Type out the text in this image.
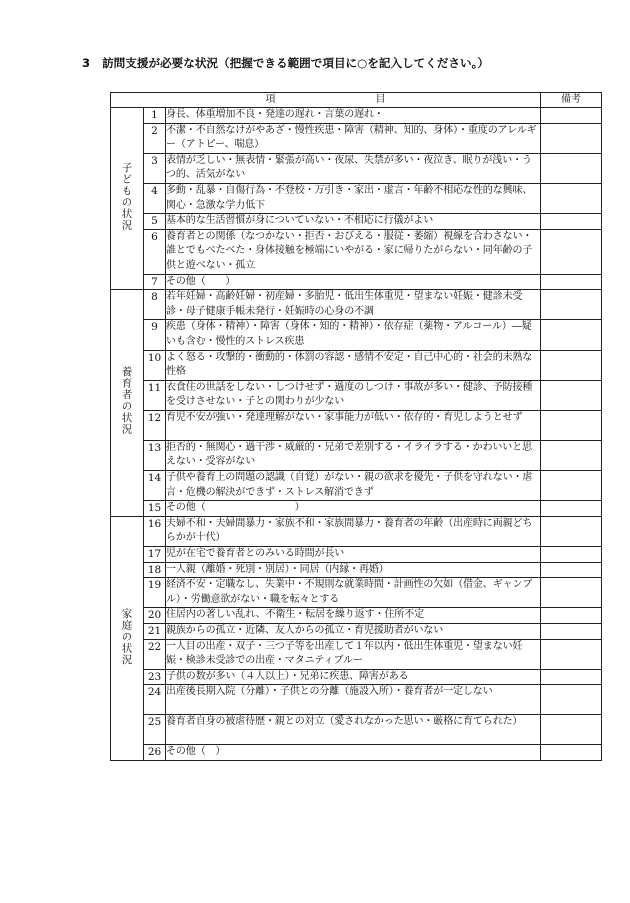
3 訪問支援が必要な状況（把握できる範囲で項目に○を記入してください。）
項　　　　　　　　　　目			備考
子どもの状況	1	身長、体重増加不良・発達の遅れ・言葉の遅れ・	
	2	不潔・不自然なけがやあざ・慢性疾患・障害（精神、知的、身体）・重度のアレルギー（アトピー、喘息）	
	3	表情が乏しい・無表情・緊張が高い・夜尿、失禁が多い・夜泣き、眠りが浅い・うつ的、活気がない	
	4	多動・乱暴・自傷行為・不登校・万引き・家出・虚言・年齢不相応な性的な興味、関心・急激な学力低下	
	5	基本的な生活習慣が身についていない・不相応に行儀がよい	
	6	養育者との関係（なつかない・拒否・おびえる・服従・萎縮）視線を合わさない・誰とでもべたべた・身体接触を極端にいやがる・家に帰りたがらない・同年齢の子供と遊べない・孤立	
	7	その他（　　）	
養育者の状況	8	若年妊婦・高齢妊婦・初産婦・多胎児・低出生体重児・望まない妊娠・健診未受診・母子健康手帳未発行・妊娠時の心身の不調	
	9	疾患（身体・精神）・障害（身体・知的・精神）・依存症（薬物・アルコール）―疑いも含む・慢性的ストレス疾患	
	10	よく怒る・攻撃的・衝動的・体罰の容認・感情不安定・自己中心的・社会的未熟な性格	
	11	衣食住の世話をしない・しつけせず・過度のしつけ・事故が多い・健診、予防接種を受けさせない・子との関わりが少ない	
	12	育児不安が強い・発達理解がない・家事能力が低い・依存的・育児しようとせず	
	13	拒否的・無関心・過干渉・威厳的・兄弟で差別する・イライラする・かわいいと思えない・受容がない	
	14	子供や養育上の問題の認識（自覚）がない・親の欲求を優先・子供を守れない・虐言・危機の解決ができず・ストレス解消できず	
	15	その他（　　　　　　　　　）	
家庭の状況	16	夫婦不和・夫婦間暴力・家族不和・家族間暴力・養育者の年齢（出産時に両親どちらかが十代）	
	17	児が在宅で養育者とのみいる時間が長い	
	18	一人親（離婚・死別・別居）・同居（内縁・再婚）	
	19	経済不安・定職なし、失業中・不規則な就業時間・計画性の欠如（借金、ギャンブル）・労働意欲がない・職を転々とする	
	20	住居内の著しい乱れ、不衛生・転居を繰り返す・住所不定	
	21	親族からの孤立・近隣、友人からの孤立・育児援助者がいない	
	22	一人目の出産・双子・三つ子等を出産して１年以内・低出生体重児・望まない妊娠・検診未受診での出産・マタニティブルー	
	23	子供の数が多い（４人以上）・兄弟に疾患、障害がある	
	24	出産後長期入院（分離）・子供との分離（施設入所）・養育者が一定しない	
	25	養育者自身の被虐待歴・親との対立（愛されなかった思い・厳格に育てられた）	
	26	その他（　）	
